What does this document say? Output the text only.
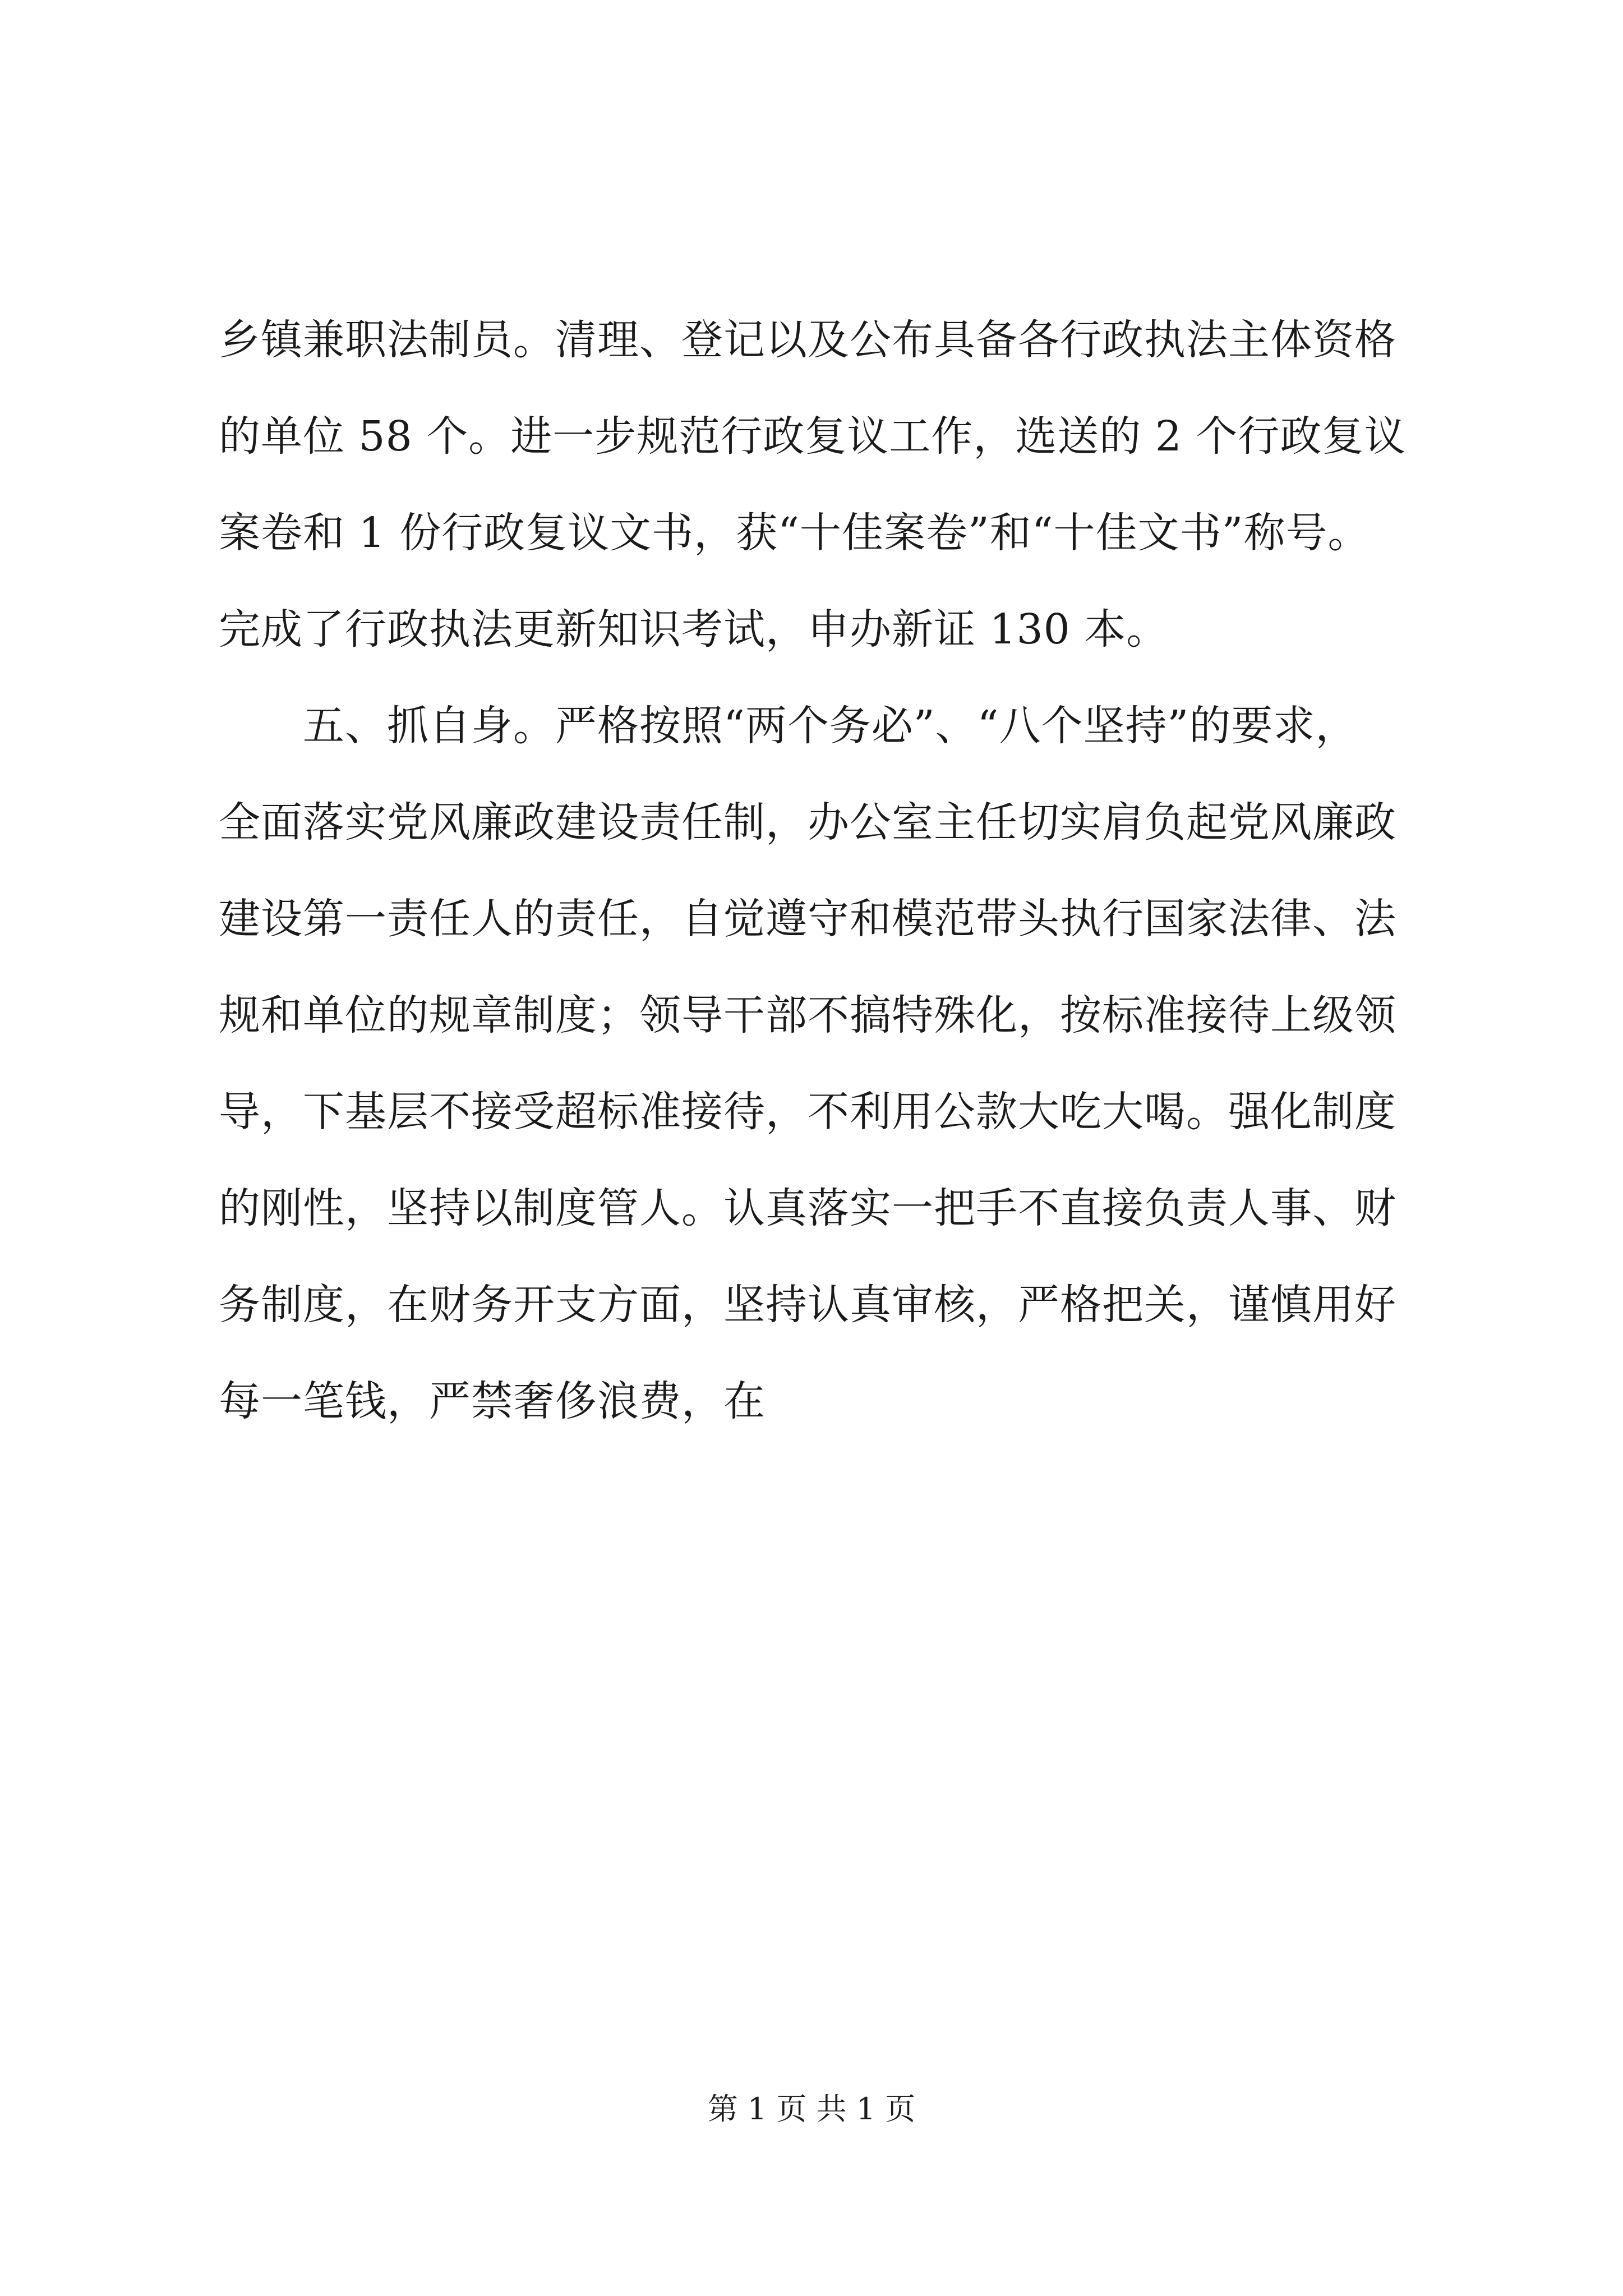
乡镇兼职法制员。清理、登记以及公布具备各行政执法主体资格
的单位 58 个。进一步规范行政复议工作，选送的 2 个行政复议
案卷和 1 份行政复议文书，获“十佳案卷”和“十佳文书”称号。
完成了行政执法更新知识考试，申办新证 130 本。
五、抓自身。严格按照“两个务必”、“八个坚持”的要求，
全面落实党风廉政建设责任制，办公室主任切实肩负起党风廉政
建设第一责任人的责任，自觉遵守和模范带头执行国家法律、法
规和单位的规章制度；领导干部不搞特殊化，按标准接待上级领
导，下基层不接受超标准接待，不利用公款大吃大喝。强化制度
的刚性，坚持以制度管人。认真落实一把手不直接负责人事、财
务制度，在财务开支方面，坚持认真审核，严格把关，谨慎用好
每一笔钱，严禁奢侈浪费，在
第 1 页 共 1 页
